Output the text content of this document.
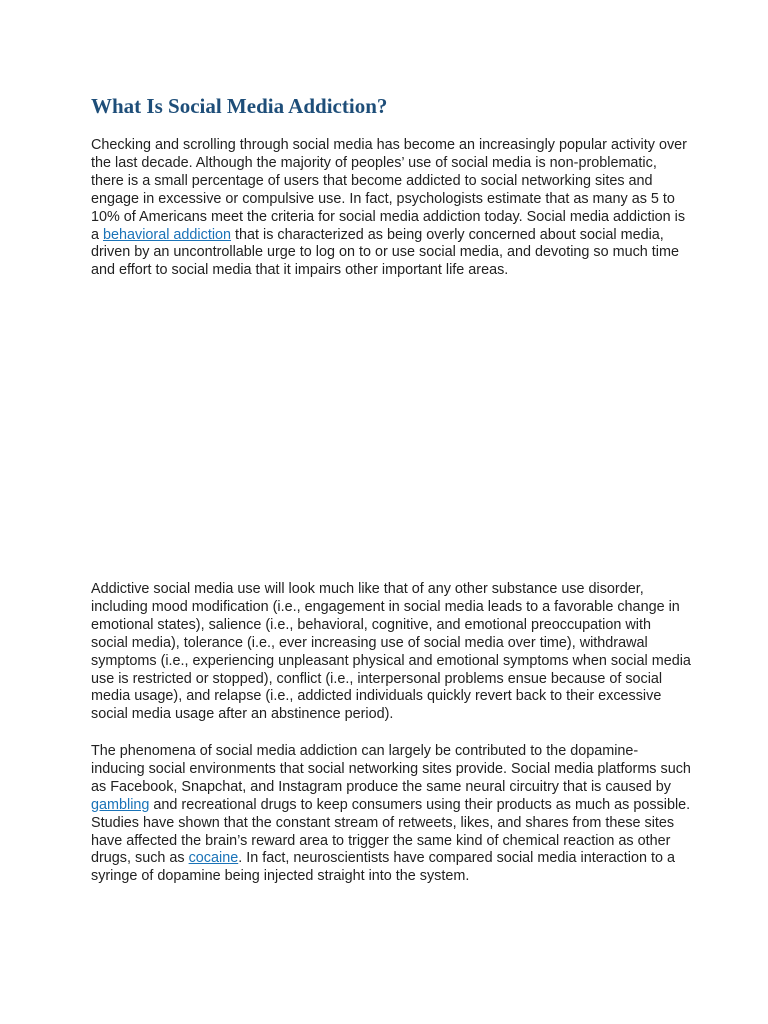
What Is Social Media Addiction?

Checking and scrolling through social media has become an increasingly popular activity over the last decade. Although the majority of peoples’ use of social media is non-problematic, there is a small percentage of users that become addicted to social networking sites and engage in excessive or compulsive use. In fact, psychologists estimate that as many as 5 to 10% of Americans meet the criteria for social media addiction today. Social media addiction is a behavioral addiction that is characterized as being overly concerned about social media, driven by an uncontrollable urge to log on to or use social media, and devoting so much time and effort to social media that it impairs other important life areas.

Addictive social media use will look much like that of any other substance use disorder, including mood modification (i.e., engagement in social media leads to a favorable change in emotional states), salience (i.e., behavioral, cognitive, and emotional preoccupation with social media), tolerance (i.e., ever increasing use of social media over time), withdrawal symptoms (i.e., experiencing unpleasant physical and emotional symptoms when social media use is restricted or stopped), conflict (i.e., interpersonal problems ensue because of social media usage), and relapse (i.e., addicted individuals quickly revert back to their excessive social media usage after an abstinence period).

The phenomena of social media addiction can largely be contributed to the dopamine-inducing social environments that social networking sites provide. Social media platforms such as Facebook, Snapchat, and Instagram produce the same neural circuitry that is caused by gambling and recreational drugs to keep consumers using their products as much as possible. Studies have shown that the constant stream of retweets, likes, and shares from these sites have affected the brain’s reward area to trigger the same kind of chemical reaction as other drugs, such as cocaine. In fact, neuroscientists have compared social media interaction to a syringe of dopamine being injected straight into the system.
